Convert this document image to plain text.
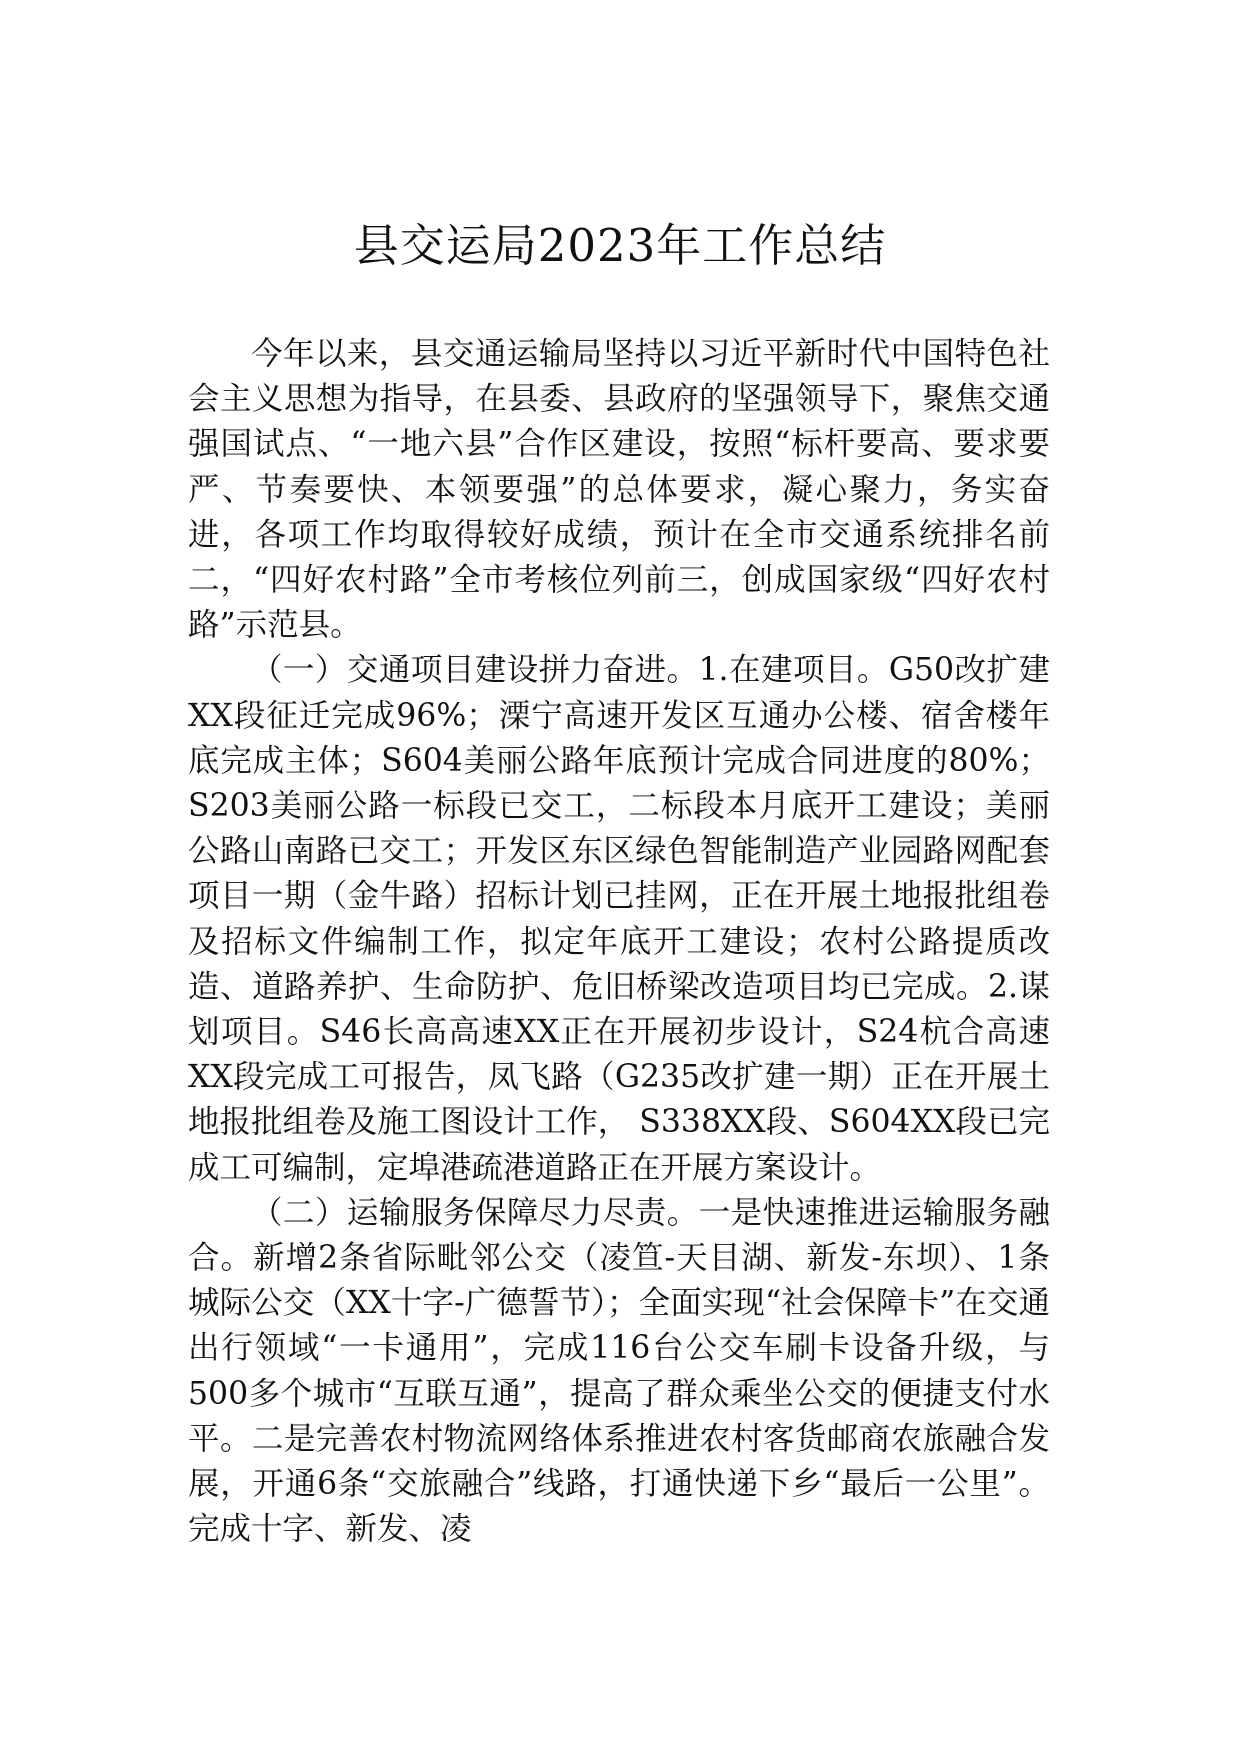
县交运局2023年工作总结

今年以来，县交通运输局坚持以习近平新时代中国特色社会主义思想为指导，在县委、县政府的坚强领导下，聚焦交通强国试点、“一地六县”合作区建设，按照“标杆要高、要求要严、节奏要快、本领要强”的总体要求，凝心聚力，务实奋进，各项工作均取得较好成绩，预计在全市交通系统排名前二，“四好农村路”全市考核位列前三，创成国家级“四好农村路”示范县。

（一）交通项目建设拼力奋进。1.在建项目。G50改扩建XX段征迁完成96%；溧宁高速开发区互通办公楼、宿舍楼年底完成主体；S604美丽公路年底预计完成合同进度的80%；S203美丽公路一标段已交工，二标段本月底开工建设；美丽公路山南路已交工；开发区东区绿色智能制造产业园路网配套项目一期（金牛路）招标计划已挂网，正在开展土地报批组卷及招标文件编制工作，拟定年底开工建设；农村公路提质改造、道路养护、生命防护、危旧桥梁改造项目均已完成。2.谋划项目。S46长高高速XX正在开展初步设计，S24杭合高速XX段完成工可报告，凤飞路（G235改扩建一期）正在开展土地报批组卷及施工图设计工作， S338XX段、S604XX段已完成工可编制，定埠港疏港道路正在开展方案设计。

（二）运输服务保障尽力尽责。一是快速推进运输服务融合。新增2条省际毗邻公交（凌笪-天目湖、新发-东坝）、1条城际公交（XX十字-广德誓节）；全面实现“社会保障卡”在交通出行领域“一卡通用”，完成116台公交车刷卡设备升级，与500多个城市“互联互通”，提高了群众乘坐公交的便捷支付水平。二是完善农村物流网络体系推进农村客货邮商农旅融合发展，开通6条“交旅融合”线路，打通快递下乡“最后一公里”。完成十字、新发、凌
